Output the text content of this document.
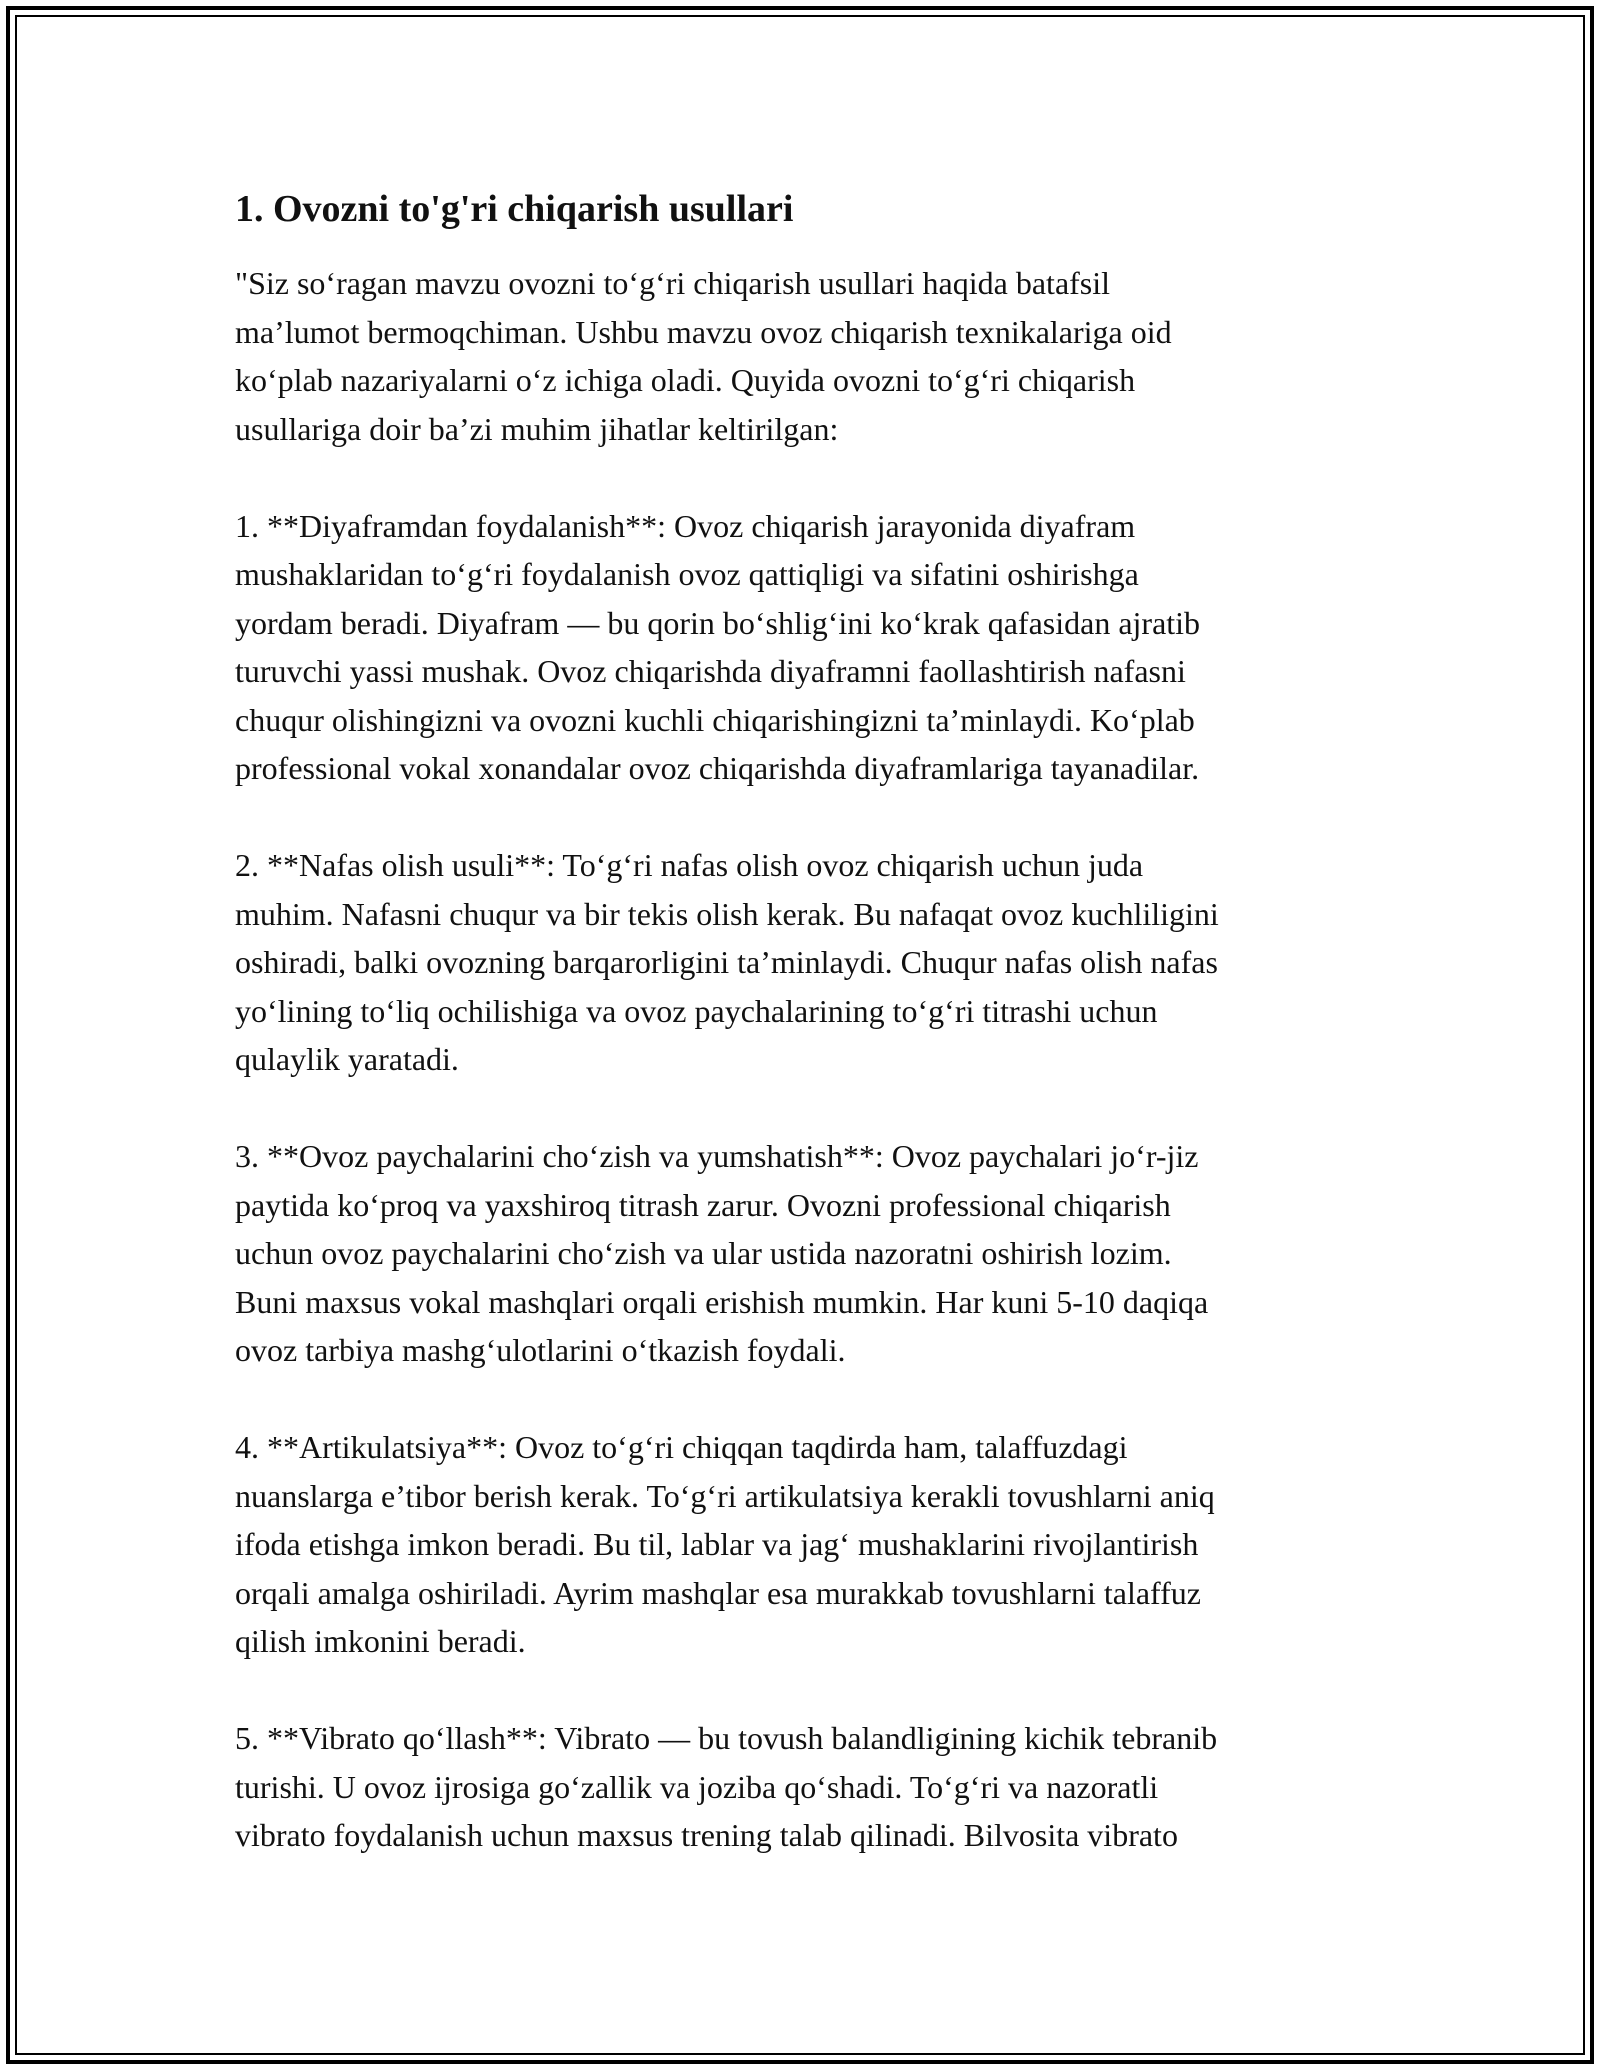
1. Ovozni to'g'ri chiqarish usullari

"Siz so‘ragan mavzu ovozni to‘g‘ri chiqarish usullari haqida batafsil
ma’lumot bermoqchiman. Ushbu mavzu ovoz chiqarish texnikalariga oid
ko‘plab nazariyalarni o‘z ichiga oladi. Quyida ovozni to‘g‘ri chiqarish
usullariga doir ba’zi muhim jihatlar keltirilgan:

1. **Diyaframdan foydalanish**: Ovoz chiqarish jarayonida diyafram
mushaklaridan to‘g‘ri foydalanish ovoz qattiqligi va sifatini oshirishga
yordam beradi. Diyafram — bu qorin bo‘shlig‘ini ko‘krak qafasidan ajratib
turuvchi yassi mushak. Ovoz chiqarishda diyaframni faollashtirish nafasni
chuqur olishingizni va ovozni kuchli chiqarishingizni ta’minlaydi. Ko‘plab
professional vokal xonandalar ovoz chiqarishda diyaframlariga tayanadilar.

2. **Nafas olish usuli**: To‘g‘ri nafas olish ovoz chiqarish uchun juda
muhim. Nafasni chuqur va bir tekis olish kerak. Bu nafaqat ovoz kuchliligini
oshiradi, balki ovozning barqarorligini ta’minlaydi. Chuqur nafas olish nafas
yo‘lining to‘liq ochilishiga va ovoz paychalarining to‘g‘ri titrashi uchun
qulaylik yaratadi.

3. **Ovoz paychalarini cho‘zish va yumshatish**: Ovoz paychalari jo‘r-jiz
paytida ko‘proq va yaxshiroq titrash zarur. Ovozni professional chiqarish
uchun ovoz paychalarini cho‘zish va ular ustida nazoratni oshirish lozim.
Buni maxsus vokal mashqlari orqali erishish mumkin. Har kuni 5-10 daqiqa
ovoz tarbiya mashg‘ulotlarini o‘tkazish foydali.

4. **Artikulatsiya**: Ovoz to‘g‘ri chiqqan taqdirda ham, talaffuzdagi
nuanslarga e’tibor berish kerak. To‘g‘ri artikulatsiya kerakli tovushlarni aniq
ifoda etishga imkon beradi. Bu til, lablar va jag‘ mushaklarini rivojlantirish
orqali amalga oshiriladi. Ayrim mashqlar esa murakkab tovushlarni talaffuz
qilish imkonini beradi.

5. **Vibrato qo‘llash**: Vibrato — bu tovush balandligining kichik tebranib
turishi. U ovoz ijrosiga go‘zallik va joziba qo‘shadi. To‘g‘ri va nazoratli
vibrato foydalanish uchun maxsus trening talab qilinadi. Bilvosita vibrato
